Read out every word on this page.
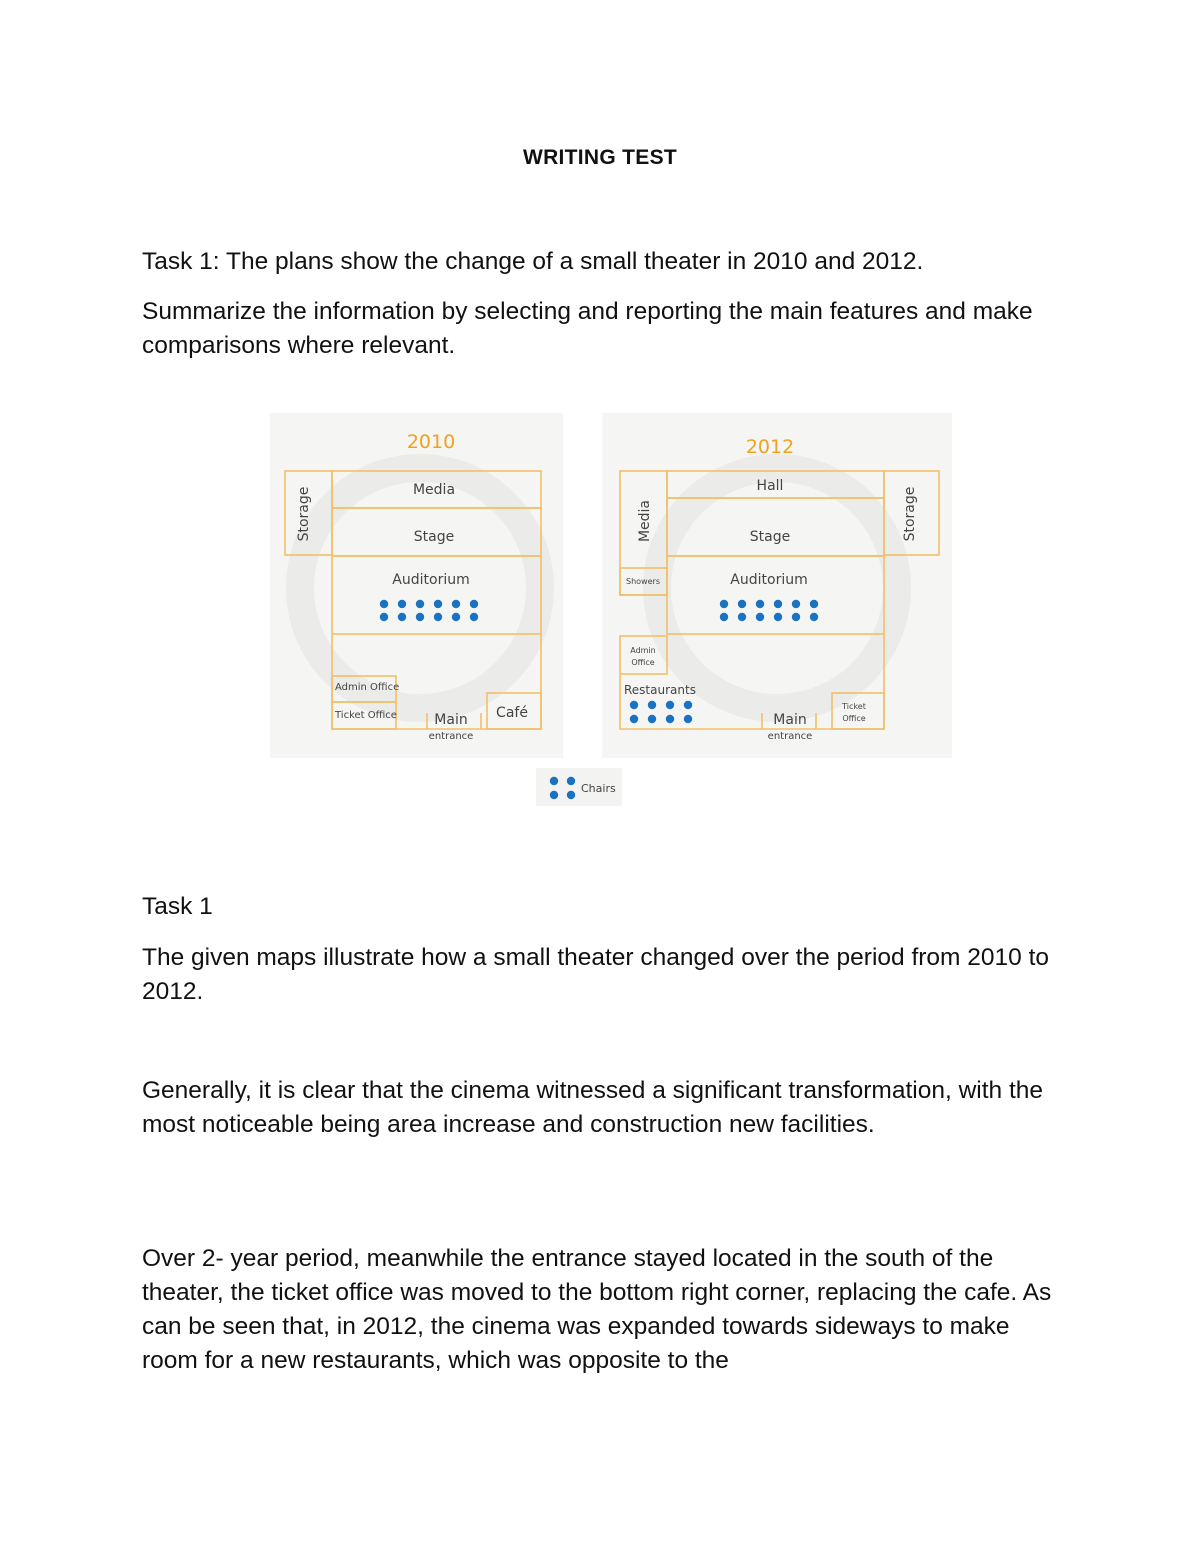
WRITING TEST

Task 1: The plans show the change of a small theater in 2010 and 2012.

Summarize the information by selecting and reporting the main features and make comparisons where relevant.

2010
Storage	Media
Stage
Auditorium
Admin Office
Ticket Office	Main
entrance
Café
2012
Hall
Media	Storage
Stage
Showers	Auditorium
Admin
Office
Restaurants
Main
entrance
Ticket
Office
Chairs

Task 1

The given maps illustrate how a small theater changed over the period from 2010 to 2012.

Generally, it is clear that the cinema witnessed a significant transformation, with the most noticeable being area increase and construction new facilities.

Over 2- year period, meanwhile the entrance stayed located in the south of the theater, the ticket office was moved to the bottom right corner, replacing the cafe. As can be seen that, in 2012, the cinema was expanded towards sideways to make room for a new restaurants, which was opposite to the
